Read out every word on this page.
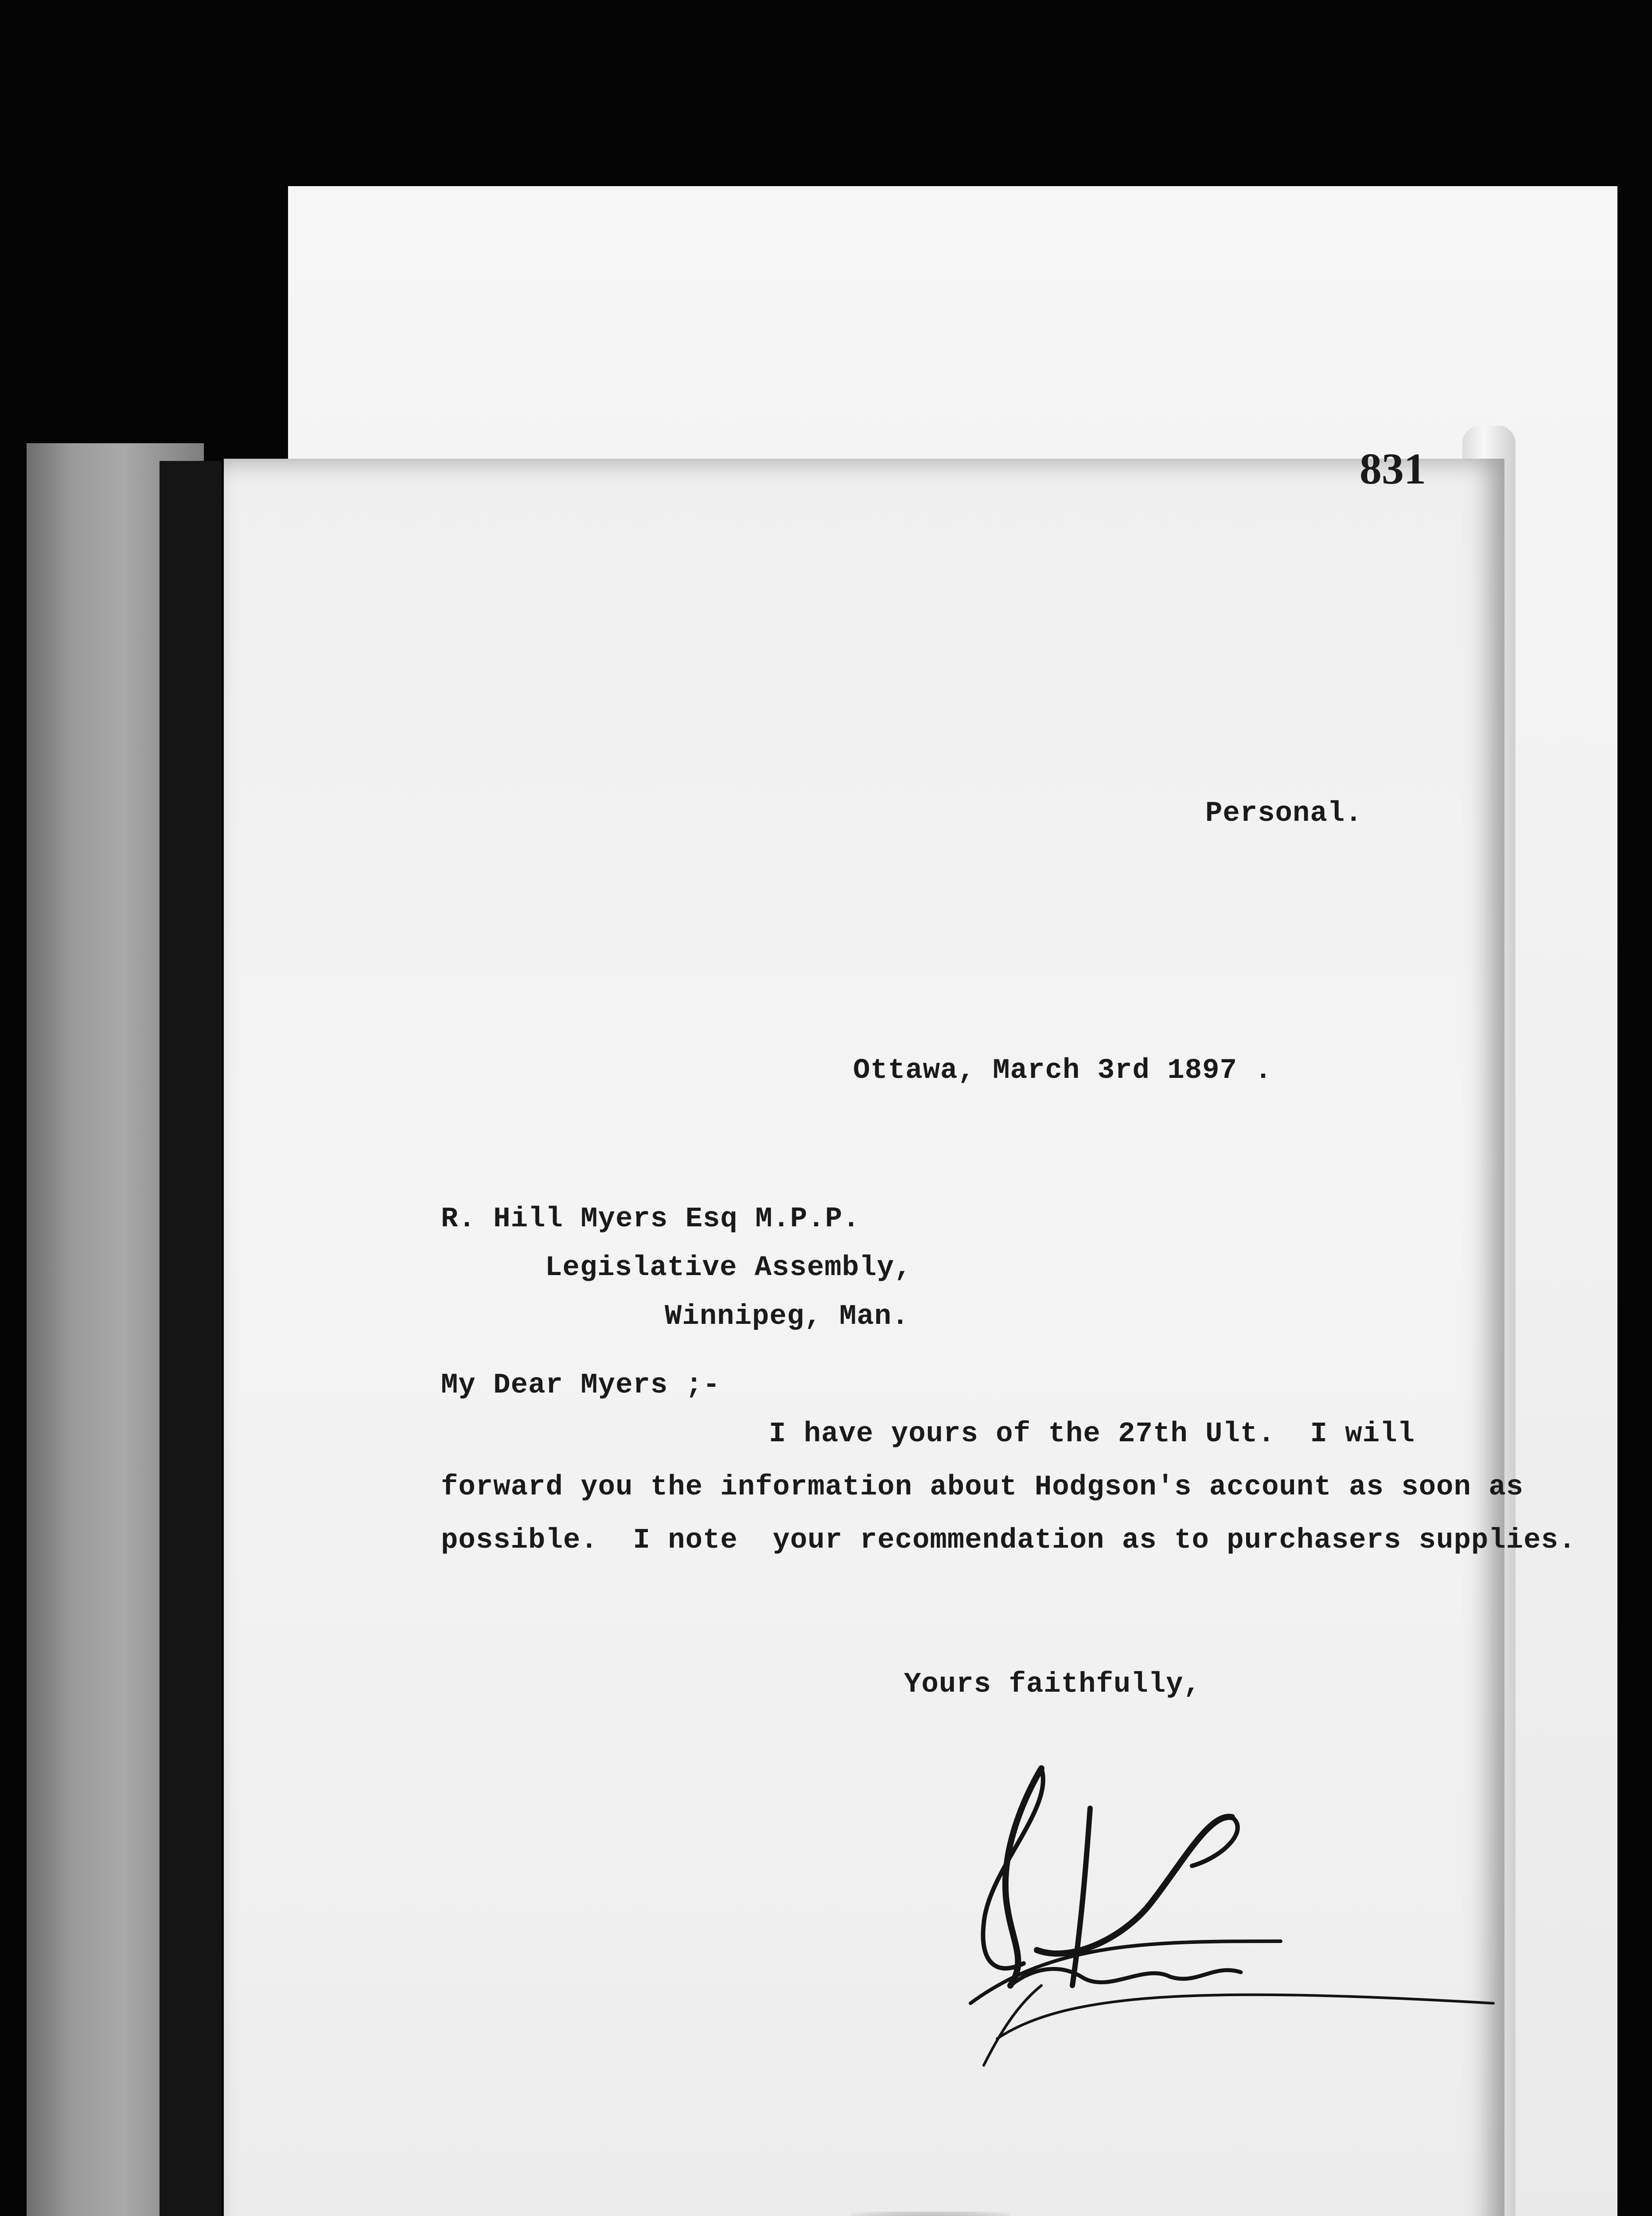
831
Personal.
Ottawa, March 3rd 1897 .
R. Hill Myers Esq M.P.P.
Legislative Assembly,
Winnipeg, Man.
My Dear Myers ;-
I have yours of the 27th Ult.  I will
forward you the information about Hodgson's account as soon as
possible.  I note  your recommendation as to purchasers supplies.
Yours faithfully,
